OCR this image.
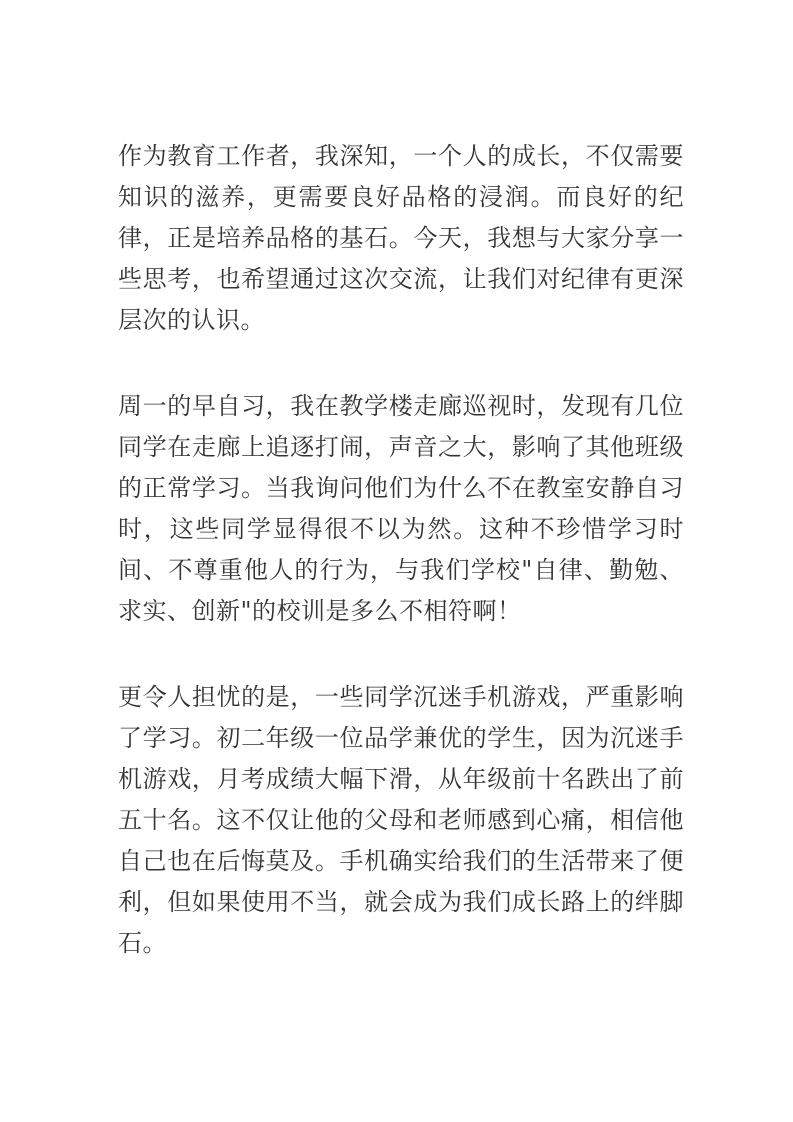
作为教育工作者，我深知，一个人的成长，不仅需要知识的滋养，更需要良好品格的浸润。而良好的纪律，正是培养品格的基石。今天，我想与大家分享一些思考，也希望通过这次交流，让我们对纪律有更深层次的认识。

周一的早自习，我在教学楼走廊巡视时，发现有几位同学在走廊上追逐打闹，声音之大，影响了其他班级的正常学习。当我询问他们为什么不在教室安静自习时，这些同学显得很不以为然。这种不珍惜学习时间、不尊重他人的行为，与我们学校"自律、勤勉、求实、创新"的校训是多么不相符啊！

更令人担忧的是，一些同学沉迷手机游戏，严重影响了学习。初二年级一位品学兼优的学生，因为沉迷手机游戏，月考成绩大幅下滑，从年级前十名跌出了前五十名。这不仅让他的父母和老师感到心痛，相信他自己也在后悔莫及。手机确实给我们的生活带来了便利，但如果使用不当，就会成为我们成长路上的绊脚石。
